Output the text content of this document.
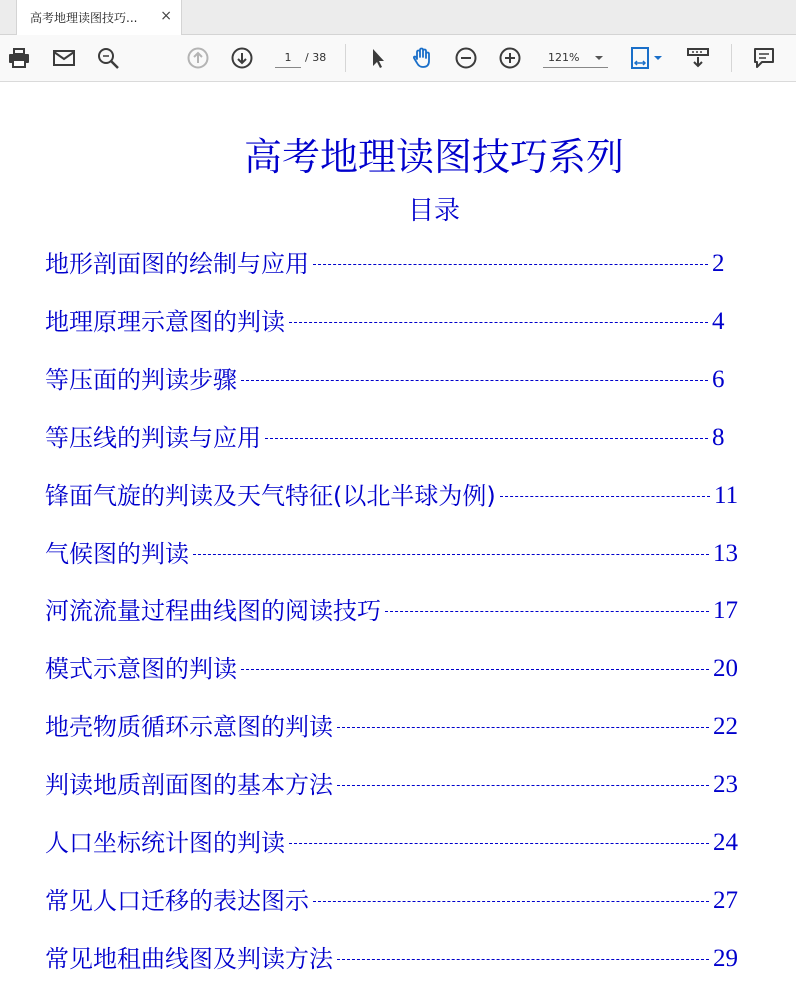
高考地理读图技巧... ×
1
/ 38	121%
高考地理读图技巧系列
目录
地形剖面图的绘制与应用	2
地理原理示意图的判读	4
等压面的判读步骤	6
等压线的判读与应用	8
锋面气旋的判读及天气特征(以北半球为例)	11
气候图的判读	13
河流流量过程曲线图的阅读技巧	17
模式示意图的判读	20
地壳物质循环示意图的判读	22
判读地质剖面图的基本方法	23
人口坐标统计图的判读	24
常见人口迁移的表达图示	27
常见地租曲线图及判读方法	29
